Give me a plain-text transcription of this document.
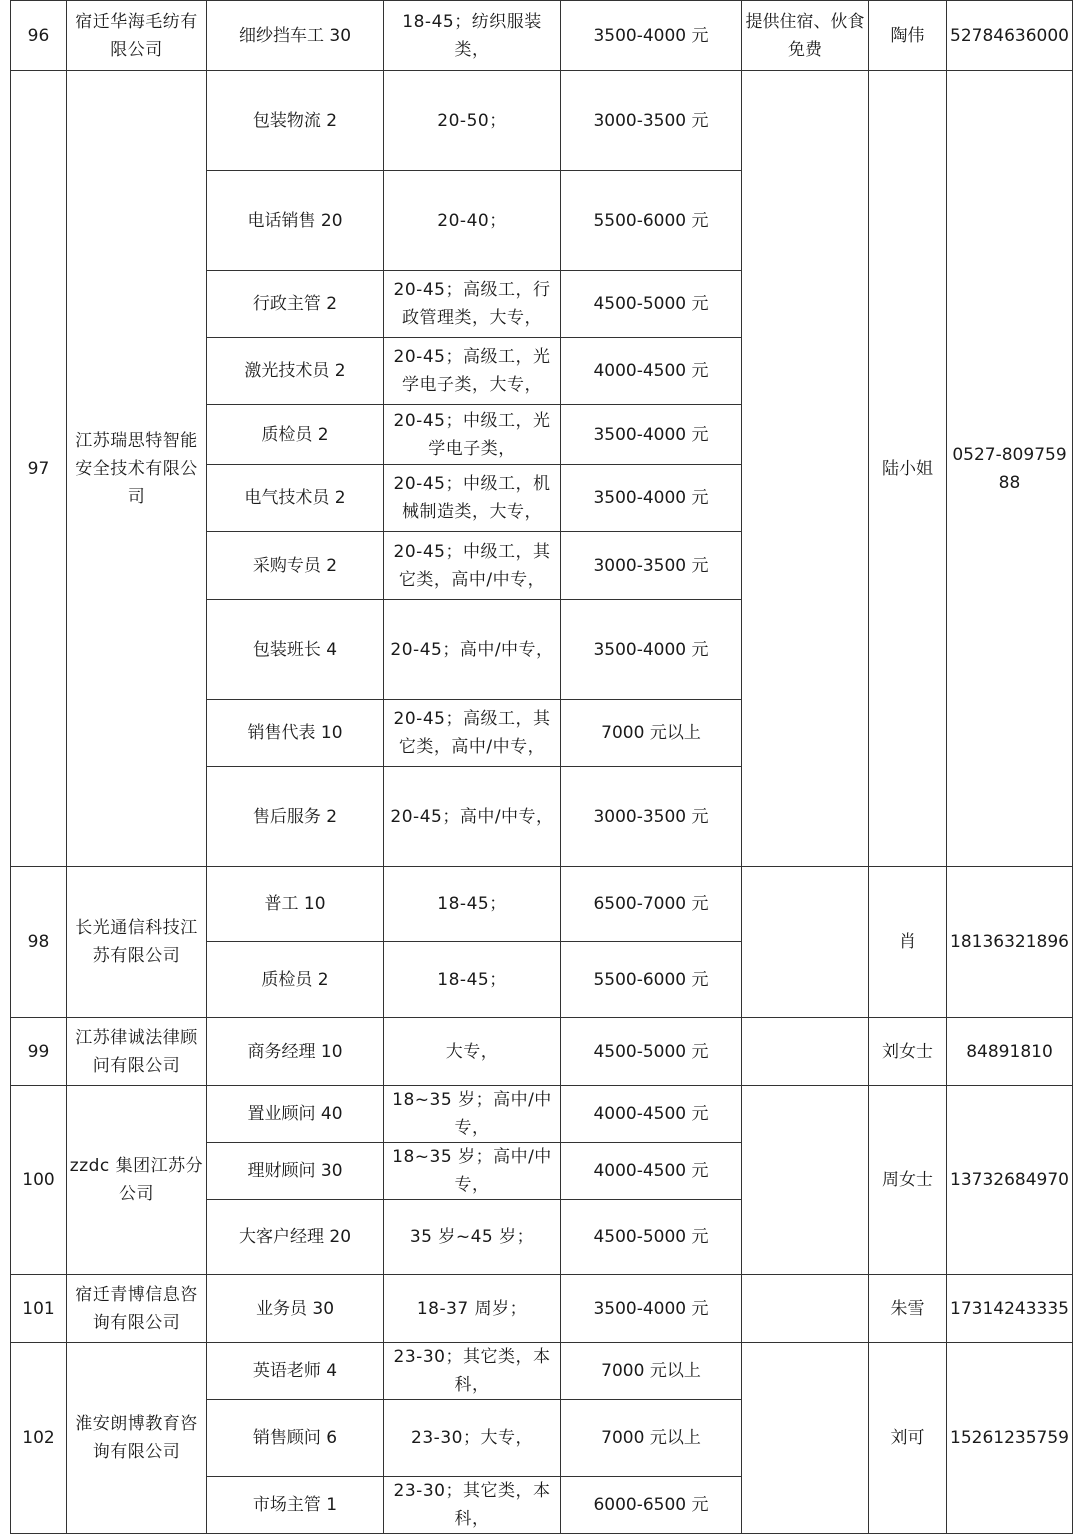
96	宿迁华海毛纺有限公司	细纱挡车工 30	18-45；纺织服装类，	3500-4000 元	提供住宿、伙食免费	陶伟	52784636000
97	江苏瑞思特智能安全技术有限公司	包装物流 2	20-50；	3000-3500 元		陆小姐	0527-80975988
		电话销售 20	20-40；	5500-6000 元			
		行政主管 2	20-45；高级工，行政管理类，大专，	4500-5000 元			
		激光技术员 2	20-45；高级工，光学电子类，大专，	4000-4500 元			
		质检员 2	20-45；中级工，光学电子类，	3500-4000 元			
		电气技术员 2	20-45；中级工，机械制造类，大专，	3500-4000 元			
		采购专员 2	20-45；中级工，其它类，高中/中专，	3000-3500 元			
		包装班长 4	20-45；高中/中专，	3500-4000 元			
		销售代表 10	20-45；高级工，其它类，高中/中专，	7000 元以上			
		售后服务 2	20-45；高中/中专，	3000-3500 元			
98	长光通信科技江苏有限公司	普工 10	18-45；	6500-7000 元		肖	18136321896
		质检员 2	18-45；	5500-6000 元			
99	江苏律诚法律顾问有限公司	商务经理 10	大专，	4500-5000 元		刘女士	84891810
100	zzdc 集团江苏分公司	置业顾问 40	18~35 岁；高中/中专，	4000-4500 元		周女士	13732684970
		理财顾问 30	18~35 岁；高中/中专，	4000-4500 元			
		大客户经理 20	35 岁~45 岁；	4500-5000 元			
101	宿迁青博信息咨询有限公司	业务员 30	18-37 周岁；	3500-4000 元		朱雪	17314243335
102	淮安朗博教育咨询有限公司	英语老师 4	23-30；其它类，本科，	7000 元以上		刘可	15261235759
		销售顾问 6	23-30；大专，	7000 元以上			
		市场主管 1	23-30；其它类，本科，	6000-6500 元			
